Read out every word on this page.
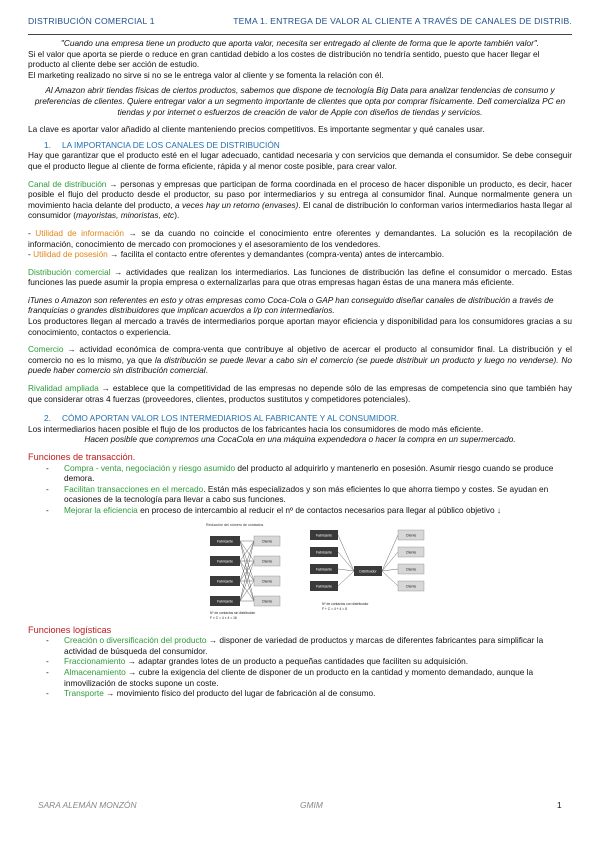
DISTRIBUCIÓN COMERCIAL 1	TEMA 1. ENTREGA DE VALOR AL CLIENTE A TRAVÉS DE CANALES DE DISTRIB.

"Cuando una empresa tiene un producto que aporta valor, necesita ser entregado al cliente de forma que le aporte también valor".

Si el valor que aporta se pierde o reduce en gran cantidad debido a los costes de distribución no tendría sentido, puesto que hacer llegar el producto al cliente debe ser acción de estudio.

El marketing realizado no sirve si no se le entrega valor al cliente y se fomenta la relación con él.

Al Amazon abrir tiendas físicas de ciertos productos, sabemos que dispone de tecnología Big Data para analizar tendencias de consumo y preferencias de clientes. Quiere entregar valor a un segmento importante de clientes que opta por comprar físicamente. Dell comercializa PC en tiendas y por internet o esfuerzos de creación de valor de Apple con diseños de tiendas y servicios.

La clave es aportar valor añadido al cliente manteniendo precios competitivos. Es importante segmentar y qué canales usar.

1. LA IMPORTANCIA DE LOS CANALES DE DISTRIBUCIÓN

Hay que garantizar que el producto esté en el lugar adecuado, cantidad necesaria y con servicios que demanda el consumidor. Se debe conseguir que el producto llegue al cliente de forma eficiente, rápida y al menor coste posible, para crear valor.

Canal de distribución → personas y empresas que participan de forma coordinada en el proceso de hacer disponible un producto, es decir, hacer posible el flujo del producto desde el productor, su paso por intermediarios y su entrega al consumidor final. Aunque normalmente genera un movimiento hacia delante del producto, a veces hay un retorno (envases). El canal de distribución lo conforman varios intermediarios hasta llegar al consumidor (mayoristas, minoristas, etc).

- Utilidad de información → se da cuando no coincide el conocimiento entre oferentes y demandantes. La solución es la recopilación de información, conocimiento de mercado con promociones y el asesoramiento de los vendedores.

- Utilidad de posesión → facilita el contacto entre oferentes y demandantes (compra-venta) antes de intercambio.

Distribución comercial → actividades que realizan los intermediarios. Las funciones de distribución las define el consumidor o mercado. Estas funciones las puede asumir la propia empresa o externalizarlas para que otras empresas hagan éstas de una manera más eficiente.

iTunes o Amazon son referentes en esto y otras empresas como Coca-Cola o GAP han conseguido diseñar canales de distribución a través de franquicias o grandes distribuidores que implican acuerdos a l/p con intermediarios.

Los productores llegan al mercado a través de intermediarios porque aportan mayor eficiencia y disponibilidad para los consumidores gracias a su conocimiento, contactos o experiencia.

Comercio → actividad económica de compra-venta que contribuye al objetivo de acercar el producto al consumidor final. La distribución y el comercio no es lo mismo, ya que la distribución se puede llevar a cabo sin el comercio (se puede distribuir un producto y luego no venderse). No puede haber comercio sin distribución comercial.

Rivalidad ampliada → establece que la competitividad de las empresas no depende sólo de las empresas de competencia sino que también hay que considerar otras 4 fuerzas (proveedores, clientes, productos sustitutos y competidores potenciales).

2. CÓMO APORTAN VALOR LOS INTERMEDIARIOS AL FABRICANTE Y AL CONSUMIDOR.

Los intermediarios hacen posible el flujo de los productos de los fabricantes hacia los consumidores de modo más eficiente.

Hacen posible que compremos una CocaCola en una máquina expendedora o hacer la compra en un supermercado.

Funciones de transacción.

- Compra - venta, negociación y riesgo asumido del producto al adquirirlo y mantenerlo en posesión. Asumir riesgo cuando se produce demora.
- Facilitan transacciones en el mercado. Están más especializados y son más eficientes lo que ahorra tiempo y costes. Se ayudan en ocasiones de la tecnología para llevar a cabo sus funciones.
- Mejorar la eficiencia en proceso de intercambio al reducir el nº de contactos necesarios para llegar al público objetivo ↓
Reducción del número de contactos
Fabricante
Fabricante
Fabricante
Fabricante
Cliente
Cliente
Cliente
Cliente
Fabricante
Fabricante
Fabricante
Fabricante
Distribuidor
Cliente
Cliente
Cliente
Cliente
Nº de contactos sin distribuidor
F × C = 4 × 4 = 16
Nº de contactos con distribuidor
F + C = 4 + 4 = 8

Funciones logísticas

- Creación o diversificación del producto → disponer de variedad de productos y marcas de diferentes fabricantes para simplificar la actividad de búsqueda del consumidor.
- Fraccionamiento → adaptar grandes lotes de un producto a pequeñas cantidades que faciliten su adquisición.
- Almacenamiento → cubre la exigencia del cliente de disponer de un producto en la cantidad y momento demandado, aunque la inmovilización de stocks supone un coste.
- Transporte → movimiento físico del producto del lugar de fabricación al de consumo.
SARA ALEMÁN MONZÓN	GMIM	1
